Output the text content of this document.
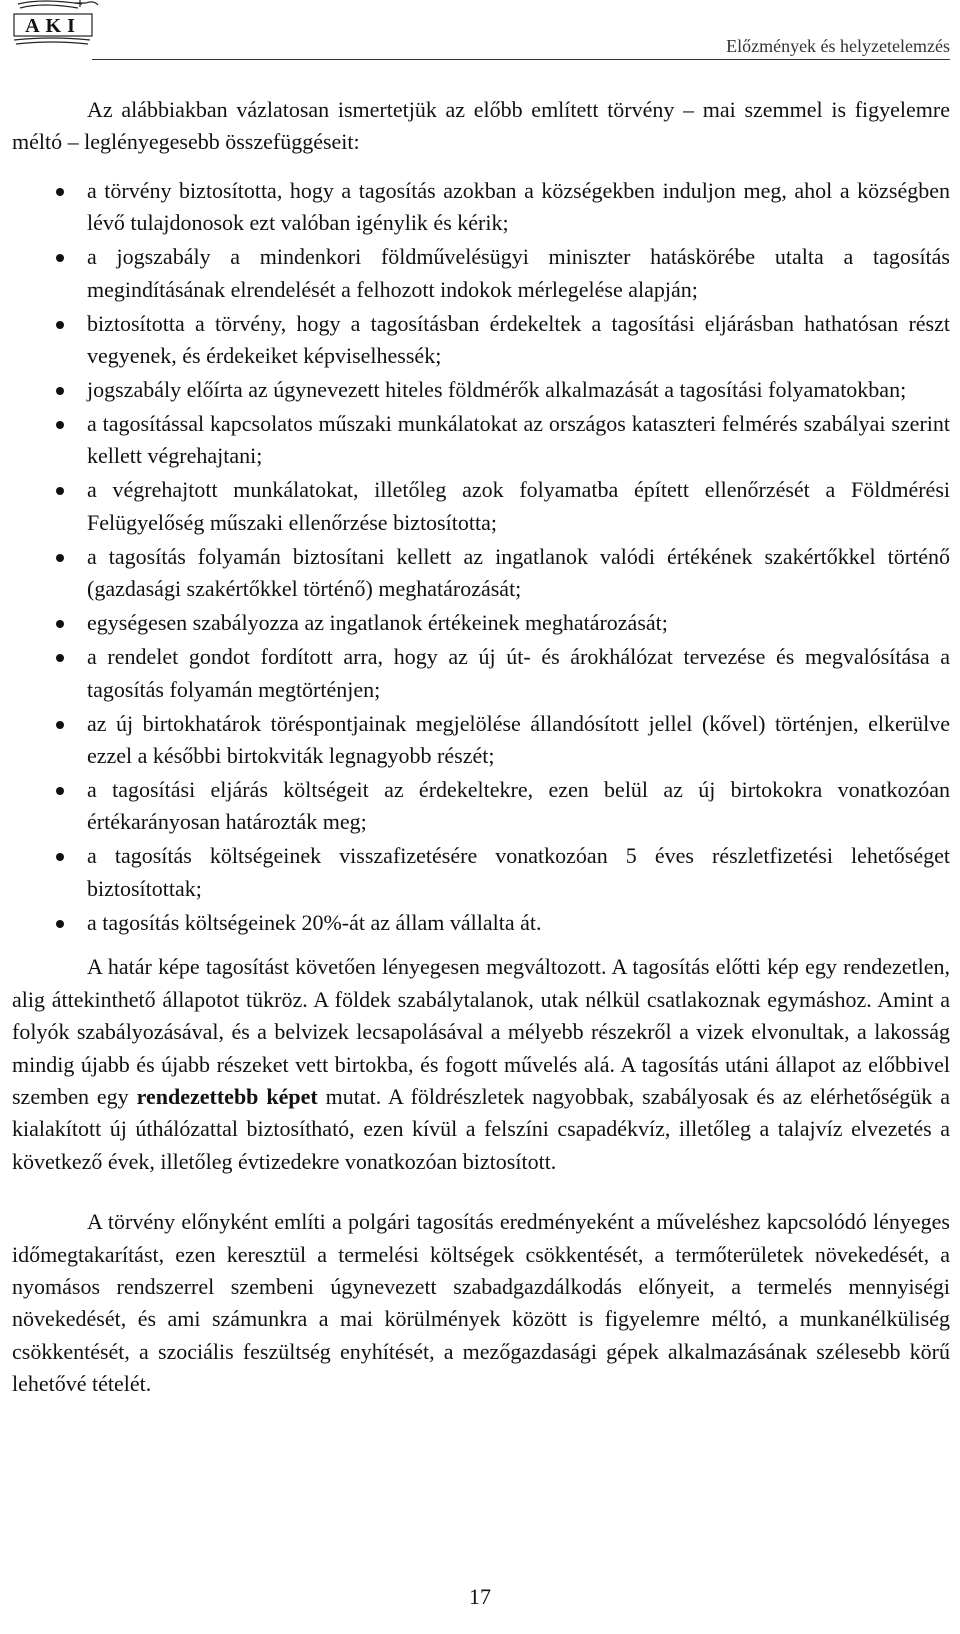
AKI
Előzmények és helyzetelemzés

Az alábbiakban vázlatosan ismertetjük az előbb említett törvény – mai szemmel is figyelemre méltó – leglényegesebb összefüggéseit:

a törvény biztosította, hogy a tagosítás azokban a községekben induljon meg, ahol a községben lévő tulajdonosok ezt valóban igénylik és kérik;
a jogszabály a mindenkori földművelésügyi miniszter hatáskörébe utalta a tagosítás megindításának elrendelését a felhozott indokok mérlegelése alapján;
biztosította a törvény, hogy a tagosításban érdekeltek a tagosítási eljárásban hathatósan részt vegyenek, és érdekeiket képviselhessék;
jogszabály előírta az úgynevezett hiteles földmérők alkalmazását a tagosítási folyamatokban;
a tagosítással kapcsolatos műszaki munkálatokat az országos kataszteri felmérés szabályai szerint kellett végrehajtani;
a végrehajtott munkálatokat, illetőleg azok folyamatba épített ellenőrzését a Földmérési Felügyelőség műszaki ellenőrzése biztosította;
a tagosítás folyamán biztosítani kellett az ingatlanok valódi értékének szakértőkkel történő (gazdasági szakértőkkel történő) meghatározását;
egységesen szabályozza az ingatlanok értékeinek meghatározását;
a rendelet gondot fordított arra, hogy az új út- és árokhálózat tervezése és megvalósítása a tagosítás folyamán megtörténjen;
az új birtokhatárok töréspontjainak megjelölése állandósított jellel (kővel) történjen, elkerülve ezzel a későbbi birtokviták legnagyobb részét;
a tagosítási eljárás költségeit az érdekeltekre, ezen belül az új birtokokra vonatkozóan értékarányosan határozták meg;
a tagosítás költségeinek visszafizetésére vonatkozóan 5 éves részletfizetési lehetőséget biztosítottak;
a tagosítás költségeinek 20%-át az állam vállalta át.

A határ képe tagosítást követően lényegesen megváltozott. A tagosítás előtti kép egy rendezetlen, alig áttekinthető állapotot tükröz. A földek szabálytalanok, utak nélkül csatlakoznak egymáshoz. Amint a folyók szabályozásával, és a belvizek lecsapolásával a mélyebb részekről a vizek elvonultak, a lakosság mindig újabb és újabb részeket vett birtokba, és fogott művelés alá. A tagosítás utáni állapot az előbbivel szemben egy rendezettebb képet mutat. A földrészletek nagyobbak, szabályosak és az elérhetőségük a kialakított új úthálózattal biztosítható, ezen kívül a felszíni csapadékvíz, illetőleg a talajvíz elvezetés a következő évek, illetőleg évtizedekre vonatkozóan biztosított.

A törvény előnyként említi a polgári tagosítás eredményeként a műveléshez kapcsolódó lényeges időmegtakarítást, ezen keresztül a termelési költségek csökkentését, a termőterületek növekedését, a nyomásos rendszerrel szembeni úgynevezett szabadgazdálkodás előnyeit, a termelés mennyiségi növekedését, és ami számunkra a mai körülmények között is figyelemre méltó, a munkanélküliség csökkentését, a szociális feszültség enyhítését, a mezőgazdasági gépek alkalmazásának szélesebb körű lehetővé tételét.

17
